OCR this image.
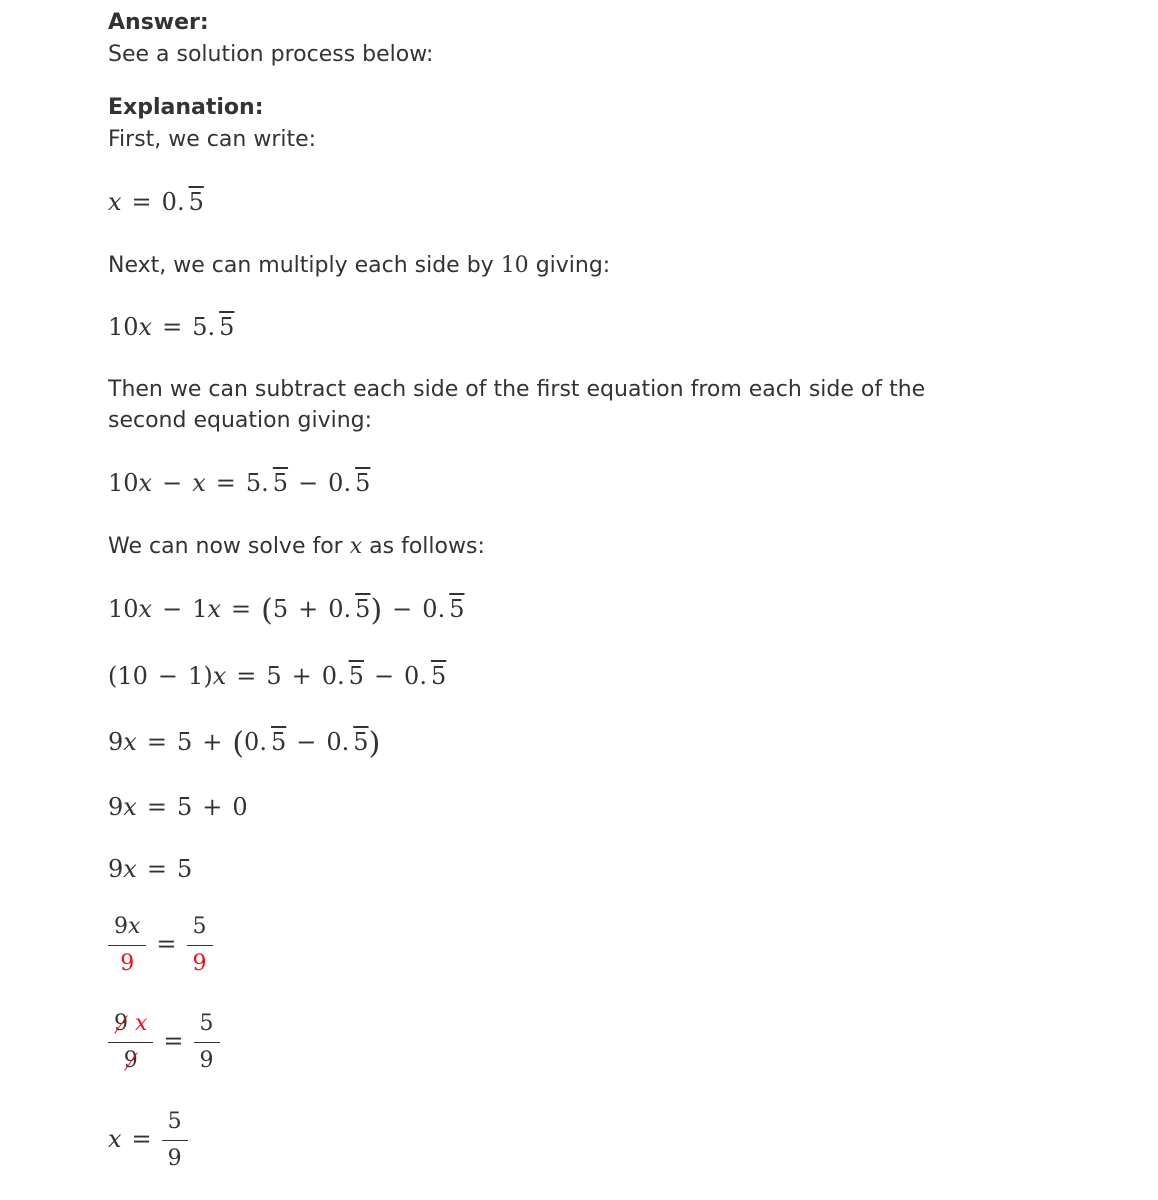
Answer:
See a solution process below:
Explanation:
First, we can write:
x = 0. 5
Next, we can multiply each side by 10 giving:
10x = 5. 5
Then we can subtract each side of the first equation from each side of the second equation giving:
10x − x = 5. 5 − 0. 5
We can now solve for x as follows:
10x − 1x = (5 + 0. 5) − 0. 5
(10 − 1)x = 5 + 0. 5 − 0. 5
9x = 5 + (0. 5 − 0. 5)
9x = 5 + 0
9x = 5
$\frac{9x}{9} = \frac{5}{9}$
$\frac{9 x}{9} = \frac{5}{9}$
$x = \frac{5}{9}$
